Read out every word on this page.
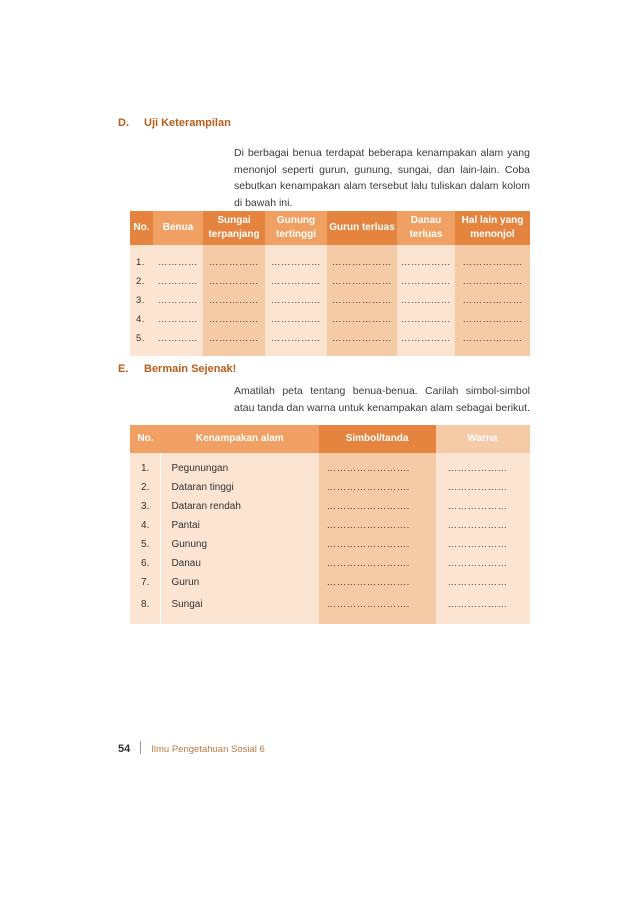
D. Uji Keterampilan
Di berbagai benua terdapat beberapa kenampakan alam yang menonjol seperti gurun, gunung, sungai, dan lain-lain. Coba sebutkan kenampakan alam tersebut lalu tuliskan dalam kolom di bawah ini.
No.	Benua	Sungai terpanjang	Gunung tertinggi	Gurun terluas	Danau terluas	Hal lain yang menonjol

1.	…………	……………	……………	………………	……………	………………
2.	…………	……………	……………	………………	……………	………………
3.	…………	……………	……………	………………	……………	………………
4.	…………	……………	……………	………………	……………	………………
5.	…………	……………	……………	………………	……………	………………

E. Bermain Sejenak!
Amatilah peta tentang benua-benua. Carilah simbol-simbol atau tanda dan warna untuk kenampakan alam sebagai berikut.
No.	Kenampakan alam	Simbol/tanda	Warna

1.	Pegunungan	…………………….	………………
2.	Dataran tinggi	…………………….	………………
3.	Dataran rendah	…………………….	………………
4.	Pantai	…………………….	………………
5.	Gunung	…………………….	………………
6.	Danau	…………………….	………………
7.	Gurun	…………………….	………………
8.	Sungai	…………………….	………………

54 Ilmu Pengetahuan Sosial 6
